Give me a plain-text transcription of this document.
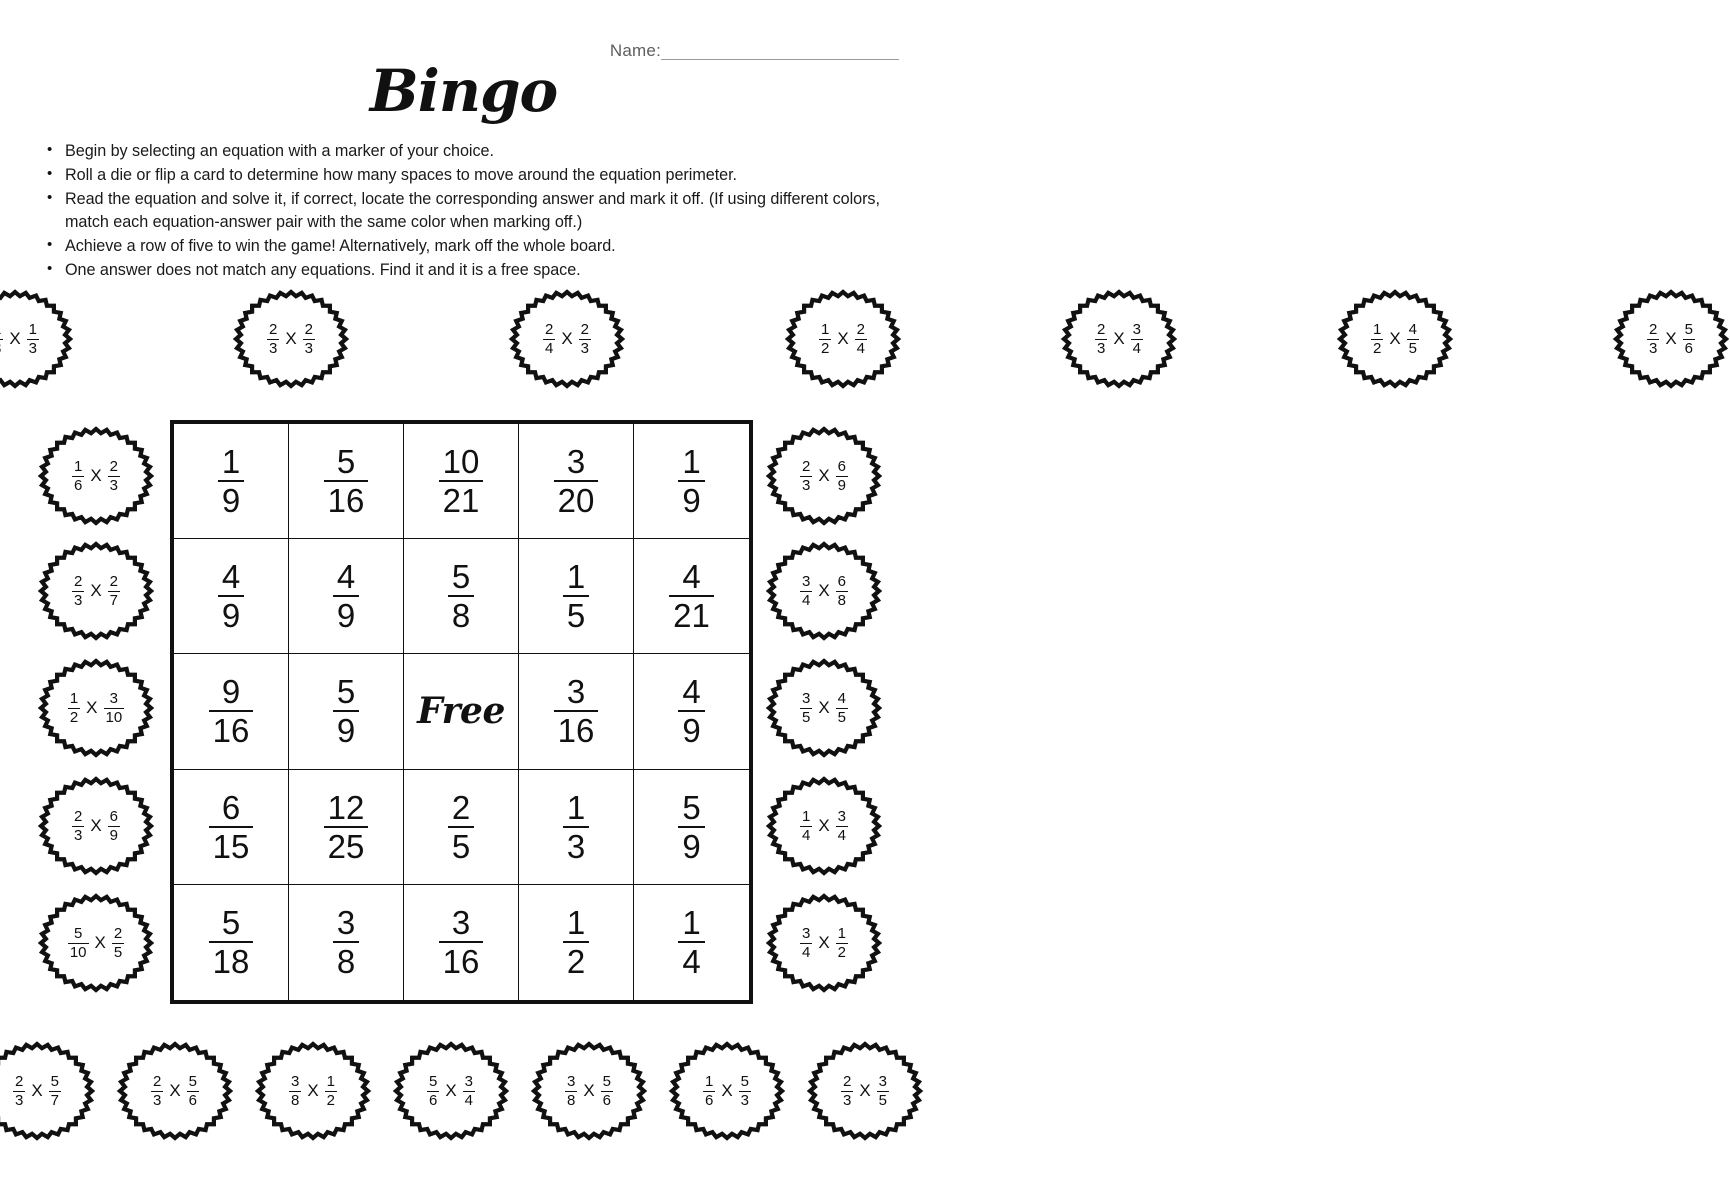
Name:
Bingo
• Begin by selecting an equation with a marker of your choice.
• Roll a die or flip a card to determine how many spaces to move around the equation perimeter.
• Read the equation and solve it, if correct, locate the corresponding answer and mark it off. (If using different colors, match each equation-answer pair with the same color when marking off.)
• Achieve a row of five to win the game! Alternatively, mark off the whole board.
• One answer does not match any equations. Find it and it is a free space.
X $\frac{1}{3}$	$\frac{2}{3}$ X $\frac{2}{3}$	$\frac{2}{4}$ X $\frac{2}{3}$	$\frac{1}{2}$ X $\frac{2}{4}$	$\frac{2}{3}$ X $\frac{3}{4}$	$\frac{1}{2}$ X $\frac{4}{5}$	$\frac{2}{3}$ X $\frac{5}{6}$
$\frac{1}{6}$ X $\frac{2}{3}$
$\frac{2}{3}$ X $\frac{2}{7}$
$\frac{1}{2}$ X $\frac{3}{10}$
$\frac{2}{3}$ X $\frac{6}{9}$
$\frac{5}{10}$ X $\frac{2}{5}$
$\frac{2}{3}$ X $\frac{6}{9}$
$\frac{3}{4}$ X $\frac{6}{8}$
$\frac{3}{5}$ X $\frac{4}{5}$
$\frac{1}{4}$ X $\frac{3}{4}$
$\frac{3}{4}$ X $\frac{1}{2}$
$\frac{2}{3}$ X $\frac{5}{7}$	$\frac{2}{3}$ X $\frac{5}{6}$	$\frac{3}{8}$ X $\frac{1}{2}$	$\frac{5}{6}$ X $\frac{3}{4}$	$\frac{3}{8}$ X $\frac{5}{6}$	$\frac{1}{6}$ X $\frac{5}{3}$	$\frac{2}{3}$ X $\frac{3}{5}$
$\frac{1}{9} \frac{5}{16} \frac{10}{21} \frac{3}{20} \frac{1}{9}$
$\frac{4}{9}$	$\frac{4}{9}$	$\frac{5}{8}$	$\frac{1}{5} \frac{4}{21}$
$\frac{9}{16} \frac{5}{9}$ Free $\frac{3}{16} \frac{4}{9}$
$\frac{6}{15} \frac{12}{25} \frac{2}{5}$	$\frac{1}{3}$	$\frac{5}{9}$
$\frac{5}{18} \frac{3}{8} \frac{3}{16} \frac{1}{2}$	$\frac{1}{4}$
